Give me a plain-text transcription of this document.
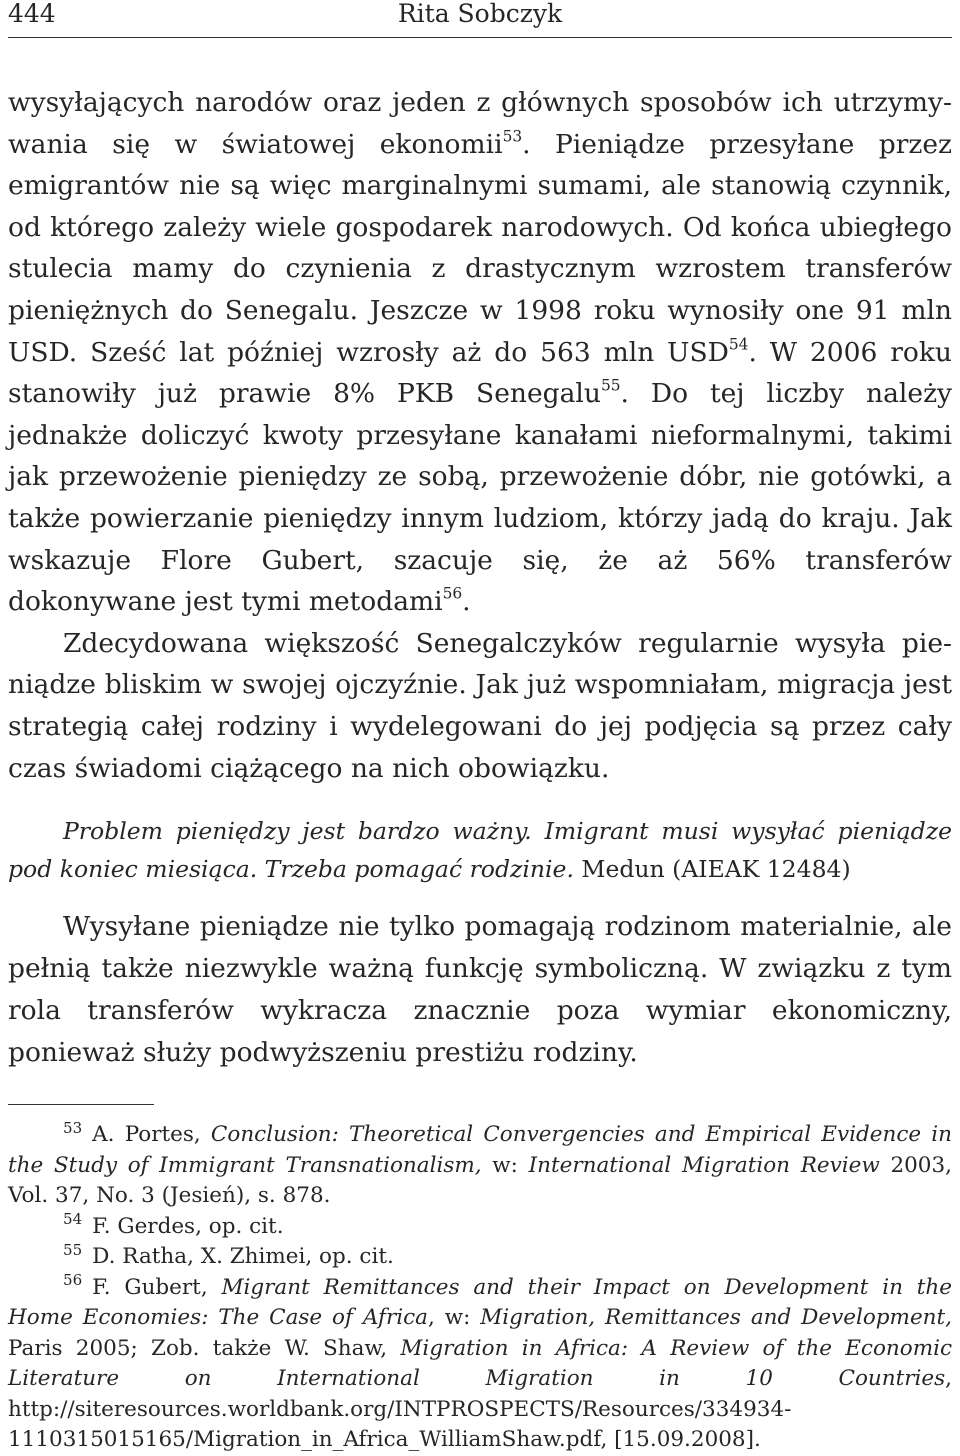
444	Rita Sobczyk

wysyłających narodów oraz jeden z głównych sposobów ich utrzymywania się w światowej ekonomii$^{53}$. Pieniądze przesyłane przez emigrantów nie są więc marginalnymi sumami, ale stanowią czynnik, od którego zależy wiele gospodarek narodowych. Od końca ubiegłego stulecia mamy do czynienia z drastycznym wzrostem transferów pieniężnych do Senegalu. Jeszcze w 1998 roku wynosiły one 91 mln USD. Sześć lat później wzrosły aż do 563 mln USD$^{54}$. W 2006 roku stanowiły już prawie 8% PKB Senegalu$^{55}$. Do tej liczby należy jednakże doliczyć kwoty przesyłane kanałami nieformalnymi, takimi jak przewożenie pieniędzy ze sobą, przewożenie dóbr, nie gotówki, a także powierzanie pieniędzy innym ludziom, którzy jadą do kraju. Jak wskazuje Flore Gubert, szacuje się, że aż 56% transferów dokonywane jest tymi metodami$^{56}$.

Zdecydowana większość Senegalczyków regularnie wysyła pieniądze bliskim w swojej ojczyźnie. Jak już wspomniałam, migracja jest strategią całej rodziny i wydelegowani do jej podjęcia są przez cały czas świadomi ciążącego na nich obowiązku.

Problem pieniędzy jest bardzo ważny. Imigrant musi wysyłać pieniądze pod koniec miesiąca. Trzeba pomagać rodzinie. Medun (AIEAK 12484)

Wysyłane pieniądze nie tylko pomagają rodzinom materialnie, ale pełnią także niezwykle ważną funkcję symboliczną. W związku z tym rola transferów wykracza znacznie poza wymiar ekonomiczny, ponieważ służy podwyższeniu prestiżu rodziny.

$^{53}$ A. Portes, Conclusion: Theoretical Convergencies and Empirical Evidence in the Study of Immigrant Transnationalism, w: International Migration Review 2003, Vol. 37, No. 3 (Jesień), s. 878.

$^{54}$ F. Gerdes, op. cit.

$^{55}$ D. Ratha, X. Zhimei, op. cit.

$^{56}$ F. Gubert, Migrant Remittances and their Impact on Development in the Home Economies: The Case of Africa, w: Migration, Remittances and Development, Paris 2005; Zob. także W. Shaw, Migration in Africa: A Review of the Economic Literature on International Migration in 10 Countries, http://siteresources.worldbank.org/INTPROSPECTS/Resources/334934-1110315015165/Migration_in_Africa_WilliamShaw.pdf, [15.09.2008].
